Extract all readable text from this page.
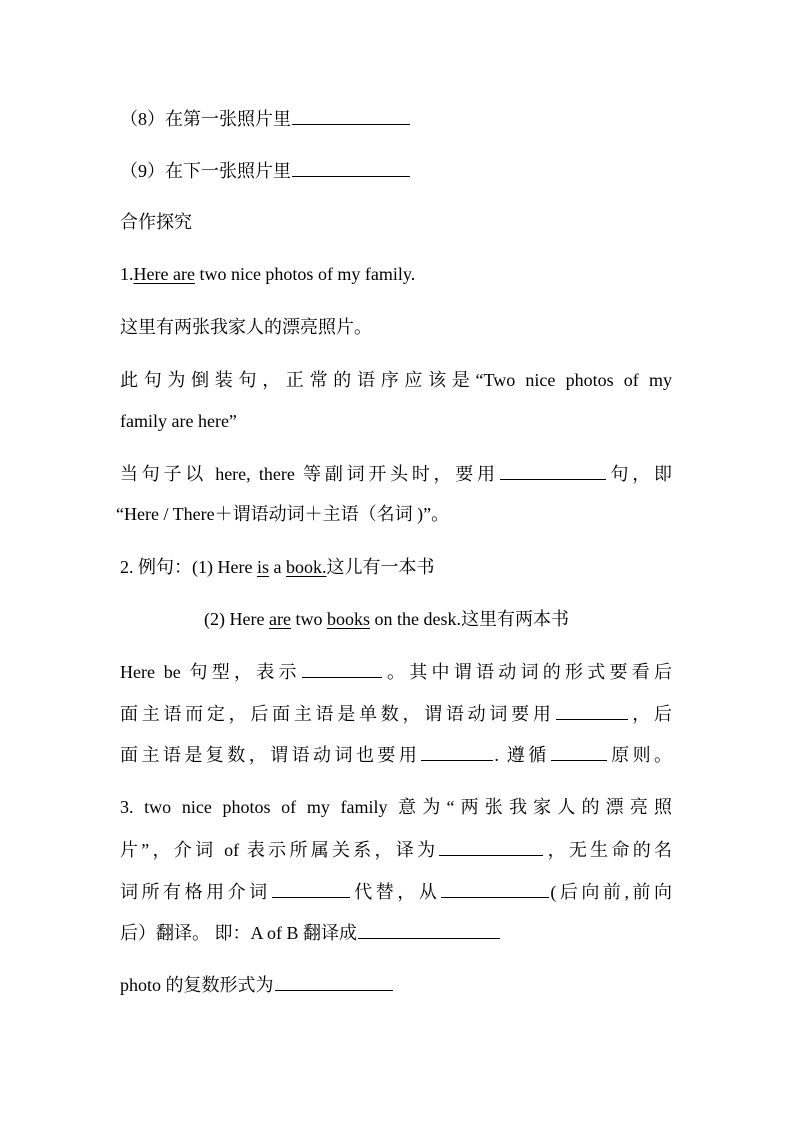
（8）在第一张照片里
（9）在下一张照片里
合作探究
1.Here are two nice photos of my family.
这里有两张我家人的漂亮照片。
此句为倒装句，正常的语序应该是“Two nice photos of my
family are here”
当句子以 here, there 等副词开头时，要用	句，即
“Here / There＋谓语动词＋主语（名词 )”。
2. 例句：(1) Here is a book.这儿有一本书
(2) Here are two books on the desk.这里有两本书
Here be 句型，表示	。其中谓语动词的形式要看后
面主语而定，后面主语是单数，谓语动词要用	，后
面主语是复数，谓语动词也要用	. 遵循	原则。
3. two nice photos of my family 意为“两张我家人的漂亮照
片”，介词 of 表示所属关系，译为	，无生命的名
词所有格用介词	代替，从	(后向前,前向
后）翻译。 即：A of B 翻译成
photo 的复数形式为
